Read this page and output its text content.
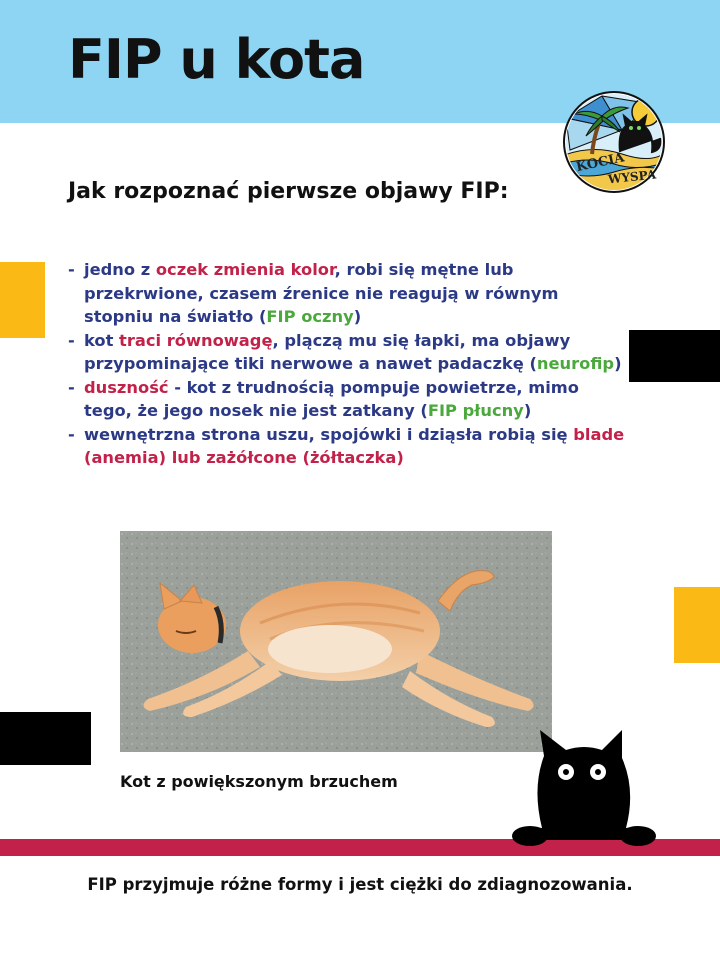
FIP u kota
KOCIA
WYSPA
Jak rozpoznać pierwsze objawy FIP:
- jedno z oczek zmienia kolor, robi się mętne lub przekrwione, czasem źrenice nie reagują w równym stopniu na światło (FIP oczny)
- kot traci równowagę, plączą mu się łapki, ma objawy przypominające tiki nerwowe a nawet padaczkę (neurofip)
- duszność - kot z trudnością pompuje powietrze, mimo tego, że jego nosek nie jest zatkany (FIP płucny)
- wewnętrzna strona uszu, spojówki i dziąsła robią się blade (anemia) lub zażółcone (żółtaczka)

Kot z powiększonym brzuchem

FIP przyjmuje różne formy i jest ciężki do zdiagnozowania.
